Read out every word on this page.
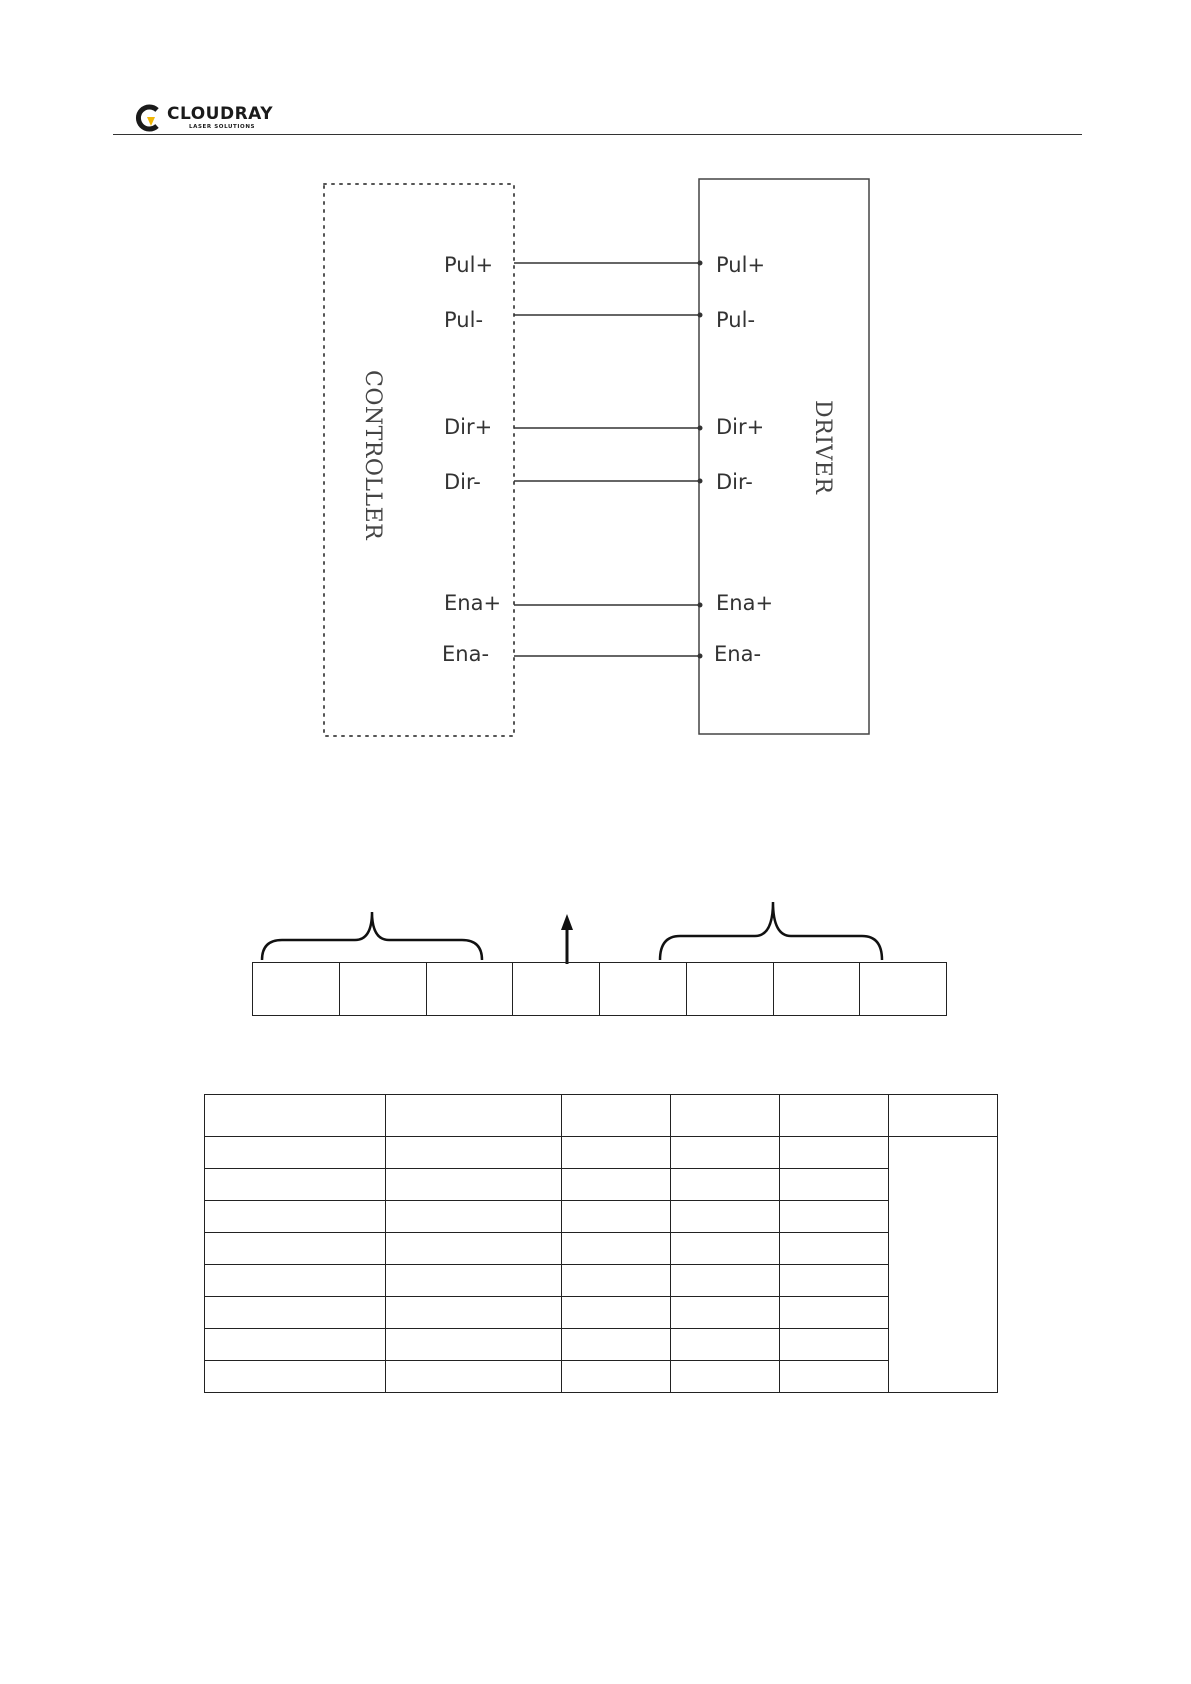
CLOUDRAY
LASER SOLUTIONS
CONTROLLER	DRIVER
Pul+	Pul+
Pul-	Pul-
Dir+	Dir+
Dir-	Dir-
Ena+	Ena+
Ena-	Ena-
